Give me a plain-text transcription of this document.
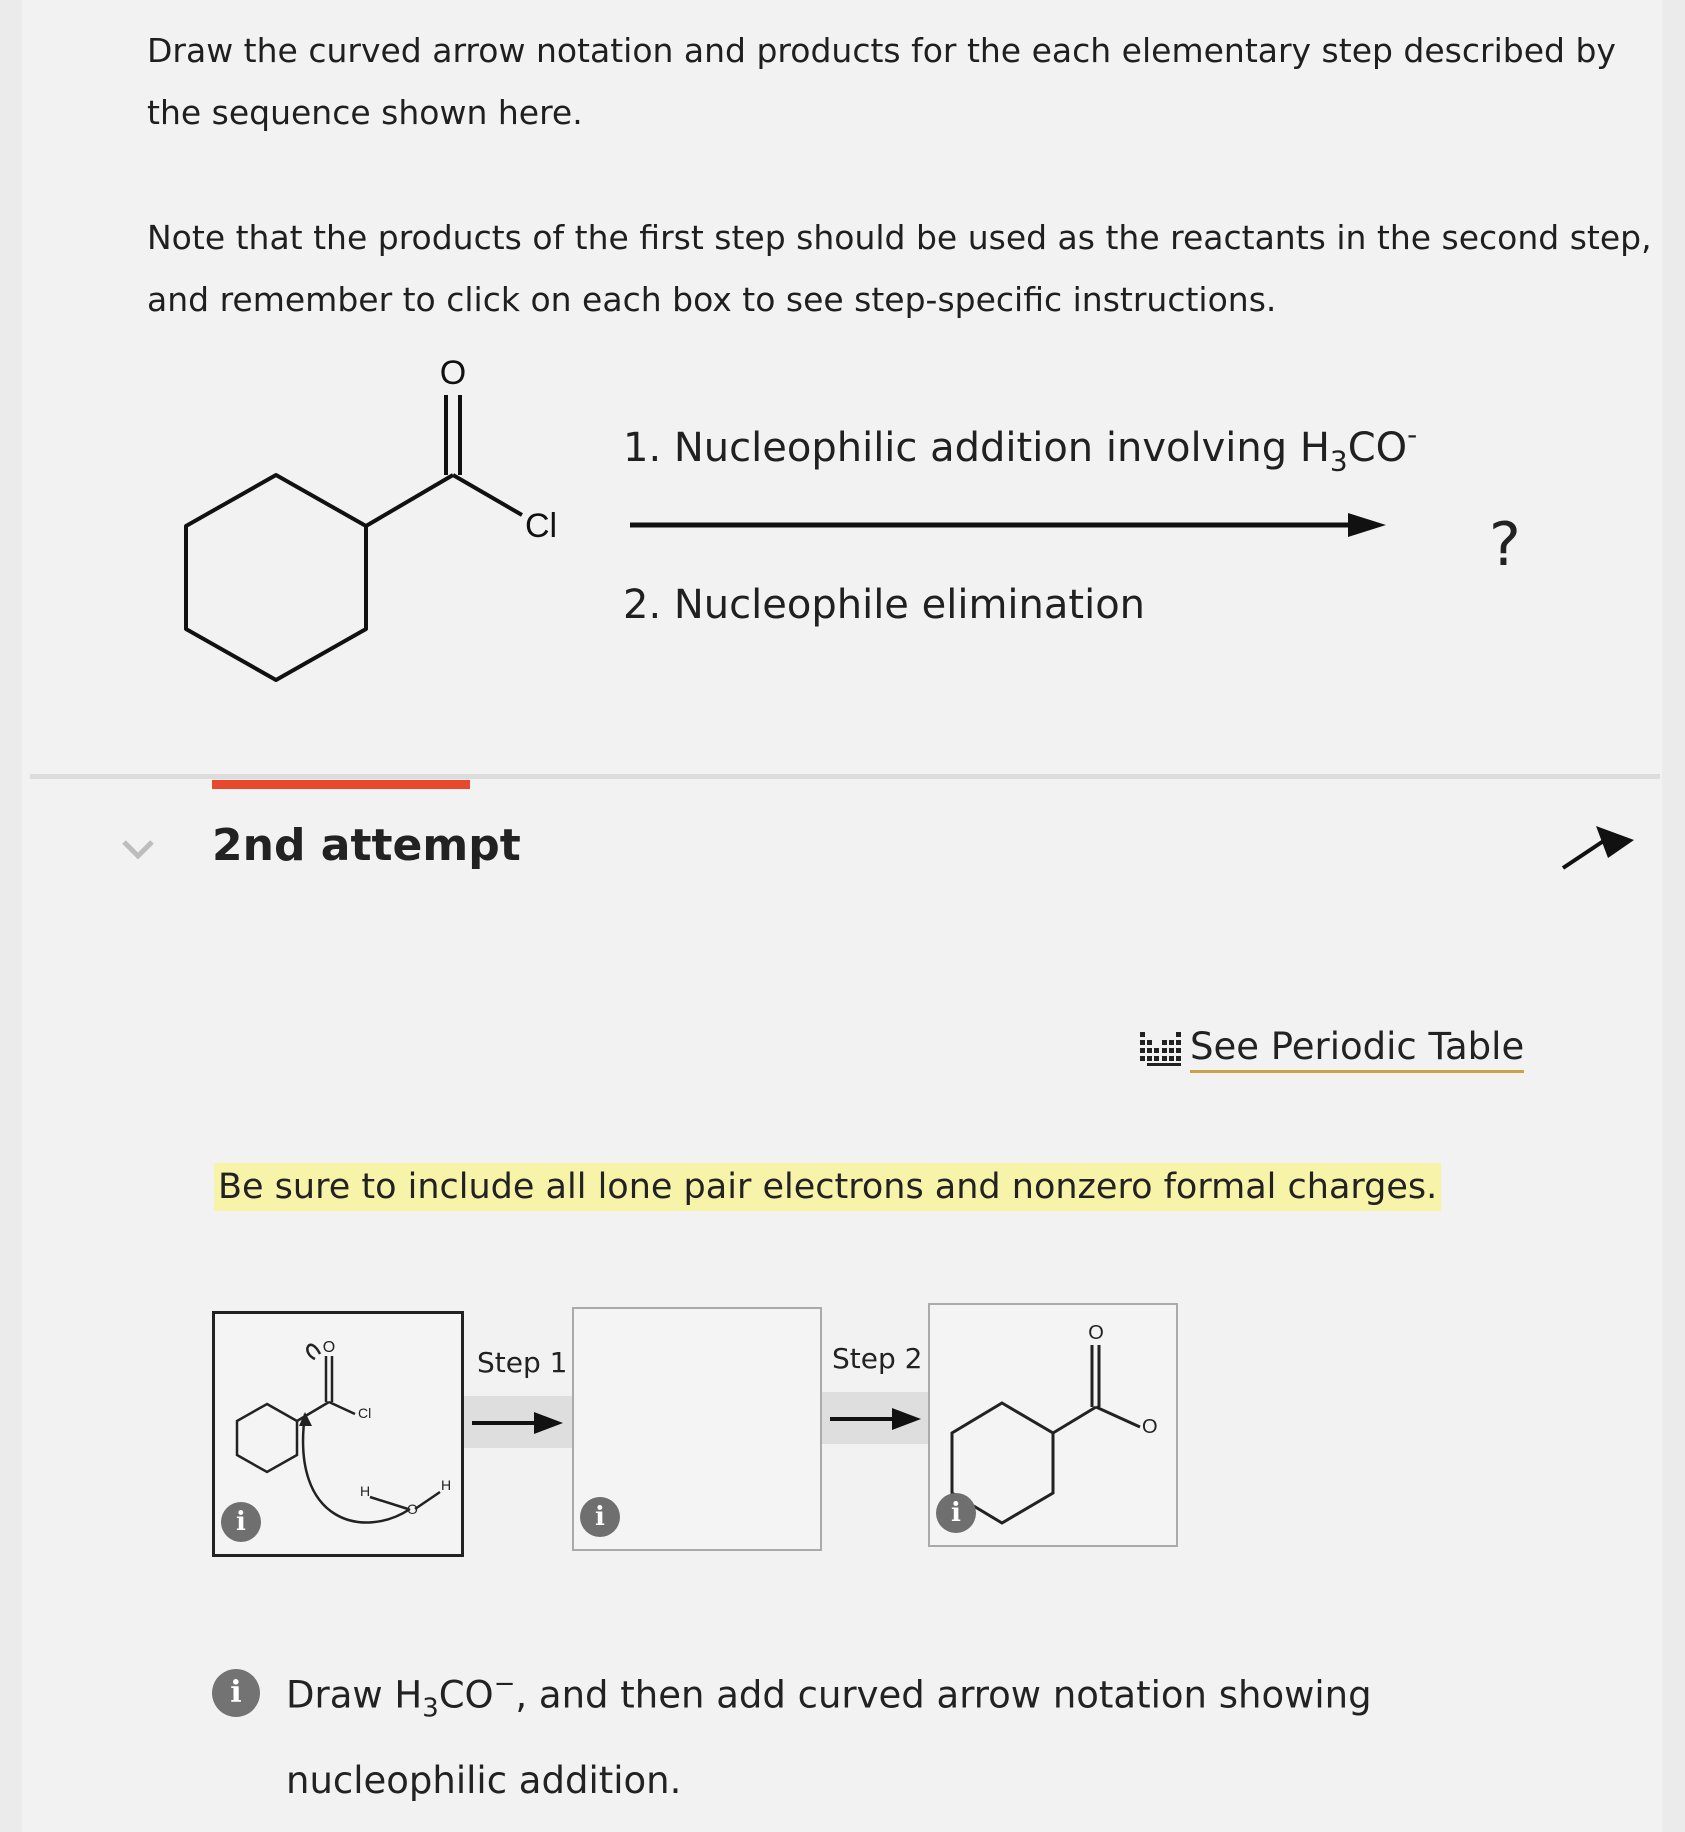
Draw the curved arrow notation and products for the each elementary step described by

the sequence shown here.

Note that the products of the first step should be used as the reactants in the second step,

and remember to click on each box to see step-specific instructions.

O
Cl
1. Nucleophilic addition involving $H_3CO^-$
2. Nucleophile elimination
?
2nd attempt
See Periodic Table
Be sure to include all lone pair electrons and nonzero formal charges.
Step 1	Step 2
O
Cl
H
O
H
i	i
O
O
i
i	Draw $H_3CO^-$, and then add curved arrow notation showing
nucleophilic addition.
